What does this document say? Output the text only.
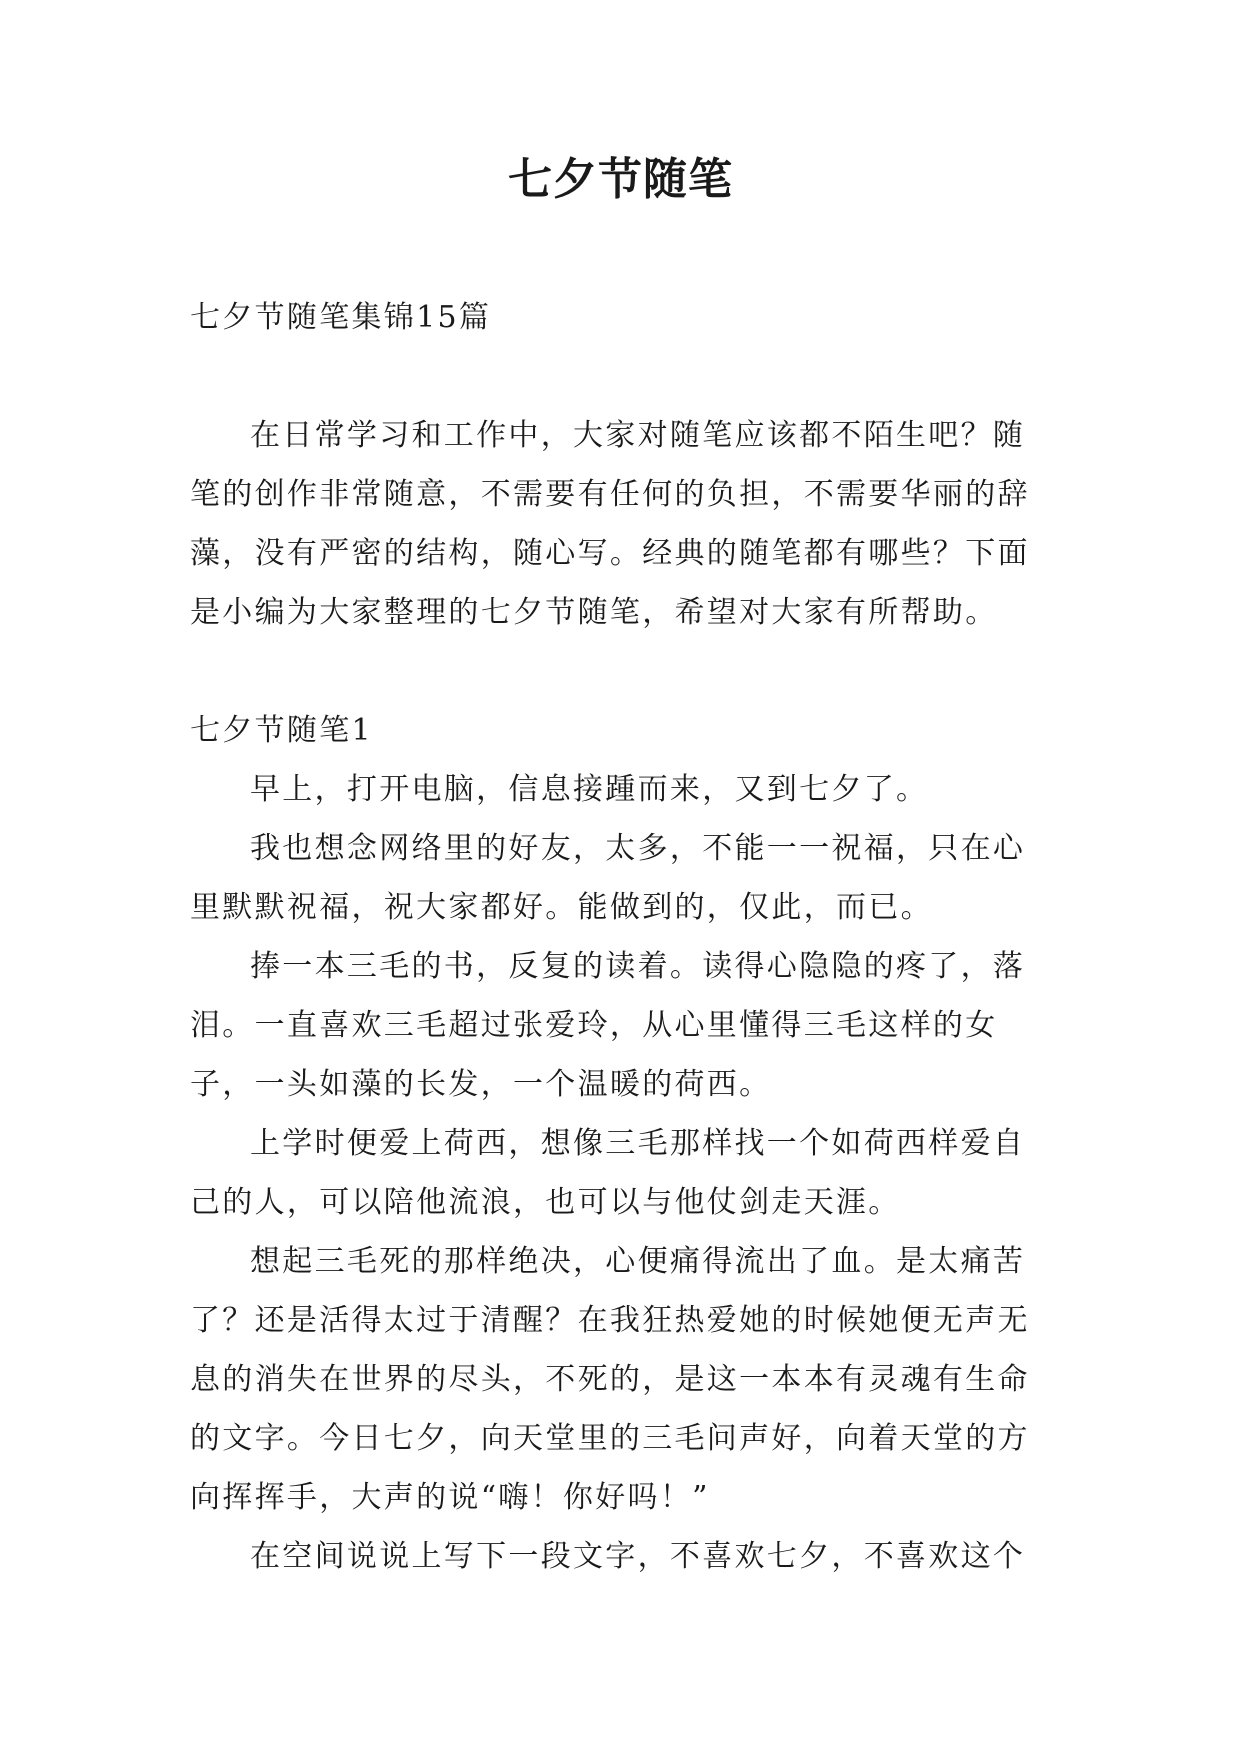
七夕节随笔

七夕节随笔集锦15篇

在日常学习和工作中，大家对随笔应该都不陌生吧？随笔的创作非常随意，不需要有任何的负担，不需要华丽的辞藻，没有严密的结构，随心写。经典的随笔都有哪些？下面是小编为大家整理的七夕节随笔，希望对大家有所帮助。

七夕节随笔1

早上，打开电脑，信息接踵而来，又到七夕了。

我也想念网络里的好友，太多，不能一一祝福，只在心里默默祝福，祝大家都好。能做到的，仅此，而已。

捧一本三毛的书，反复的读着。读得心隐隐的疼了，落泪。一直喜欢三毛超过张爱玲，从心里懂得三毛这样的女子，一头如藻的长发，一个温暖的荷西。

上学时便爱上荷西，想像三毛那样找一个如荷西样爱自己的人，可以陪他流浪，也可以与他仗剑走天涯。

想起三毛死的那样绝决，心便痛得流出了血。是太痛苦了？还是活得太过于清醒？在我狂热爱她的时候她便无声无息的消失在世界的尽头，不死的，是这一本本有灵魂有生命的文字。今日七夕，向天堂里的三毛问声好，向着天堂的方向挥挥手，大声的说“嗨！你好吗！”

在空间说说上写下一段文字，不喜欢七夕，不喜欢这个
